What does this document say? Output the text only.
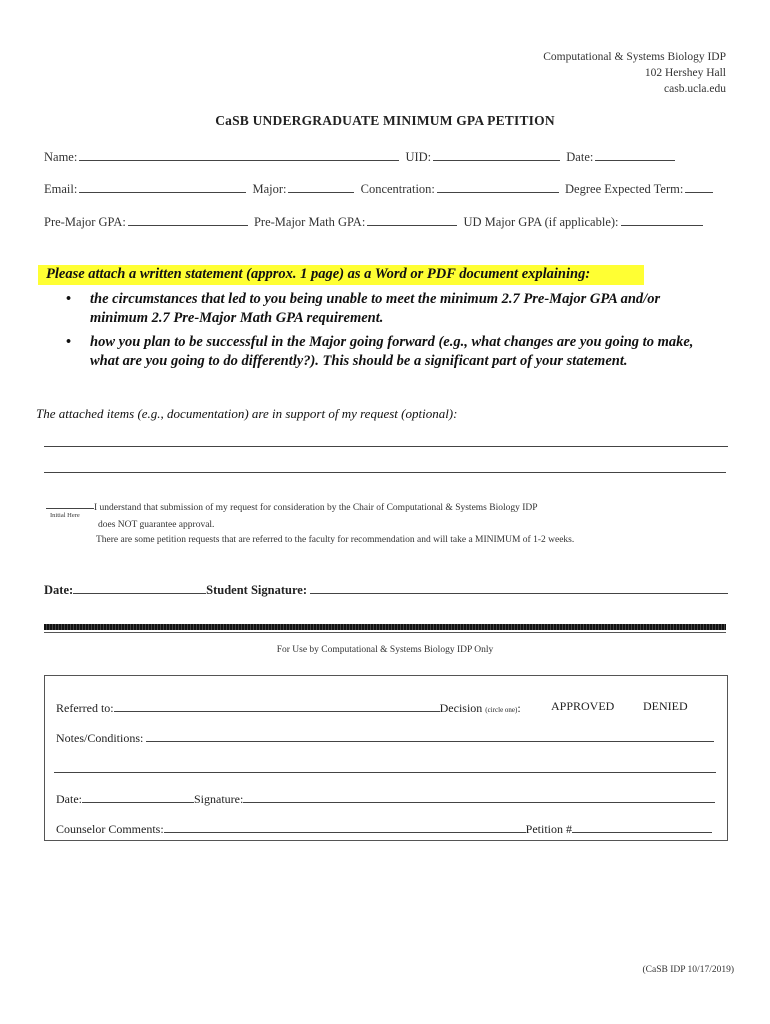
Computational & Systems Biology IDP
102 Hershey Hall
casb.ucla.edu
CaSB UNDERGRADUATE MINIMUM GPA PETITION
Name:	UID:	Date:
Email:	Major:	Concentration:	Degree Expected Term:
Pre-Major GPA:	Pre-Major Math GPA:	UD Major GPA (if applicable):
Please attach a written statement (approx. 1 page) as a Word or PDF document explaining:
• the circumstances that led to you being unable to meet the minimum 2.7 Pre-Major GPA and/or
minimum 2.7 Pre-Major Math GPA requirement.
• how you plan to be successful in the Major going forward (e.g., what changes are you going to make,
what are you going to do differently?). This should be a significant part of your statement.
The attached items (e.g., documentation) are in support of my request (optional):
Initial Here
I understand that submission of my request for consideration by the Chair of Computational & Systems Biology IDP
does NOT guarantee approval.
There are some petition requests that are referred to the faculty for recommendation and will take a MINIMUM of 1-2 weeks.
Date:	Student Signature:
For Use by Computational & Systems Biology IDP Only
Referred to:	Decision (circle one):	APPROVED DENIED
Notes/Conditions:
Date:	Signature:
Counselor Comments:	Petition #
(CaSB IDP 10/17/2019)
